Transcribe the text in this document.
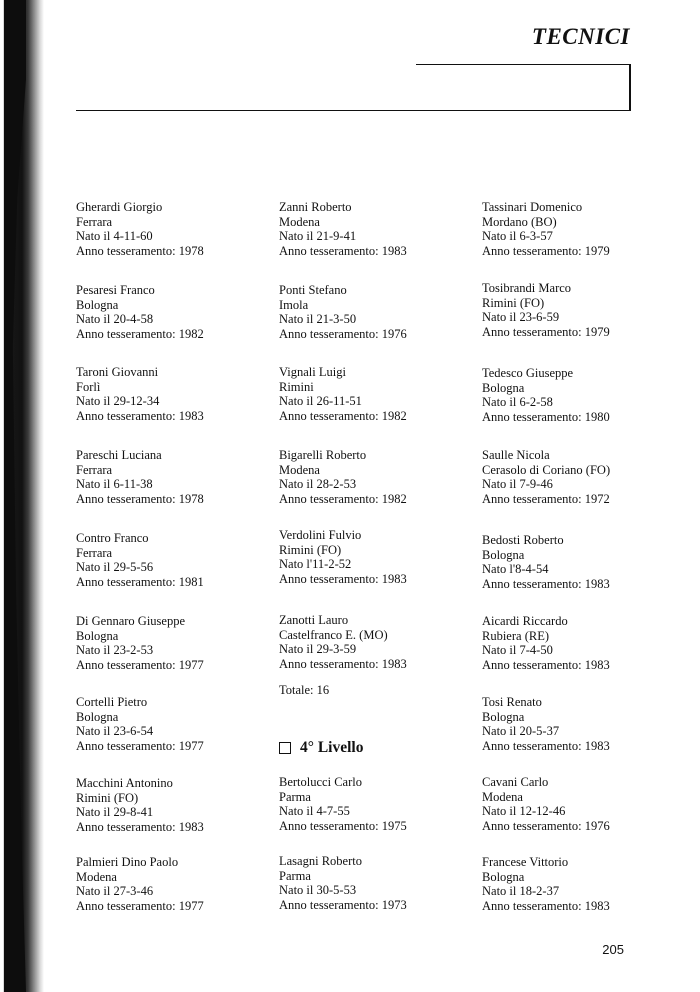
TECNICI
Gherardi Giorgio
Ferrara
Nato il 4-11-60
Anno tesseramento: 1978
Pesaresi Franco
Bologna
Nato il 20-4-58
Anno tesseramento: 1982
Taroni Giovanni
Forlì
Nato il 29-12-34
Anno tesseramento: 1983
Pareschi Luciana
Ferrara
Nato il 6-11-38
Anno tesseramento: 1978
Contro Franco
Ferrara
Nato il 29-5-56
Anno tesseramento: 1981
Di Gennaro Giuseppe
Bologna
Nato il 23-2-53
Anno tesseramento: 1977
Cortelli Pietro
Bologna
Nato il 23-6-54
Anno tesseramento: 1977
Macchini Antonino
Rimini (FO)
Nato il 29-8-41
Anno tesseramento: 1983
Palmieri Dino Paolo
Modena
Nato il 27-3-46
Anno tesseramento: 1977
Zanni Roberto
Modena
Nato il 21-9-41
Anno tesseramento: 1983
Ponti Stefano
Imola
Nato il 21-3-50
Anno tesseramento: 1976
Vignali Luigi
Rimini
Nato il 26-11-51
Anno tesseramento: 1982
Bigarelli Roberto
Modena
Nato il 28-2-53
Anno tesseramento: 1982
Verdolini Fulvio
Rimini (FO)
Nato l'11-2-52
Anno tesseramento: 1983
Zanotti Lauro
Castelfranco E. (MO)
Nato il 29-3-59
Anno tesseramento: 1983
Totale: 16
4° Livello
Bertolucci Carlo
Parma
Nato il 4-7-55
Anno tesseramento: 1975
Lasagni Roberto
Parma
Nato il 30-5-53
Anno tesseramento: 1973
Tassinari Domenico
Mordano (BO)
Nato il 6-3-57
Anno tesseramento: 1979
Tosibrandi Marco
Rimini (FO)
Nato il 23-6-59
Anno tesseramento: 1979
Tedesco Giuseppe
Bologna
Nato il 6-2-58
Anno tesseramento: 1980
Saulle Nicola
Cerasolo di Coriano (FO)
Nato il 7-9-46
Anno tesseramento: 1972
Bedosti Roberto
Bologna
Nato l'8-4-54
Anno tesseramento: 1983
Aicardi Riccardo
Rubiera (RE)
Nato il 7-4-50
Anno tesseramento: 1983
Tosi Renato
Bologna
Nato il 20-5-37
Anno tesseramento: 1983
Cavani Carlo
Modena
Nato il 12-12-46
Anno tesseramento: 1976
Francese Vittorio
Bologna
Nato il 18-2-37
Anno tesseramento: 1983
205
